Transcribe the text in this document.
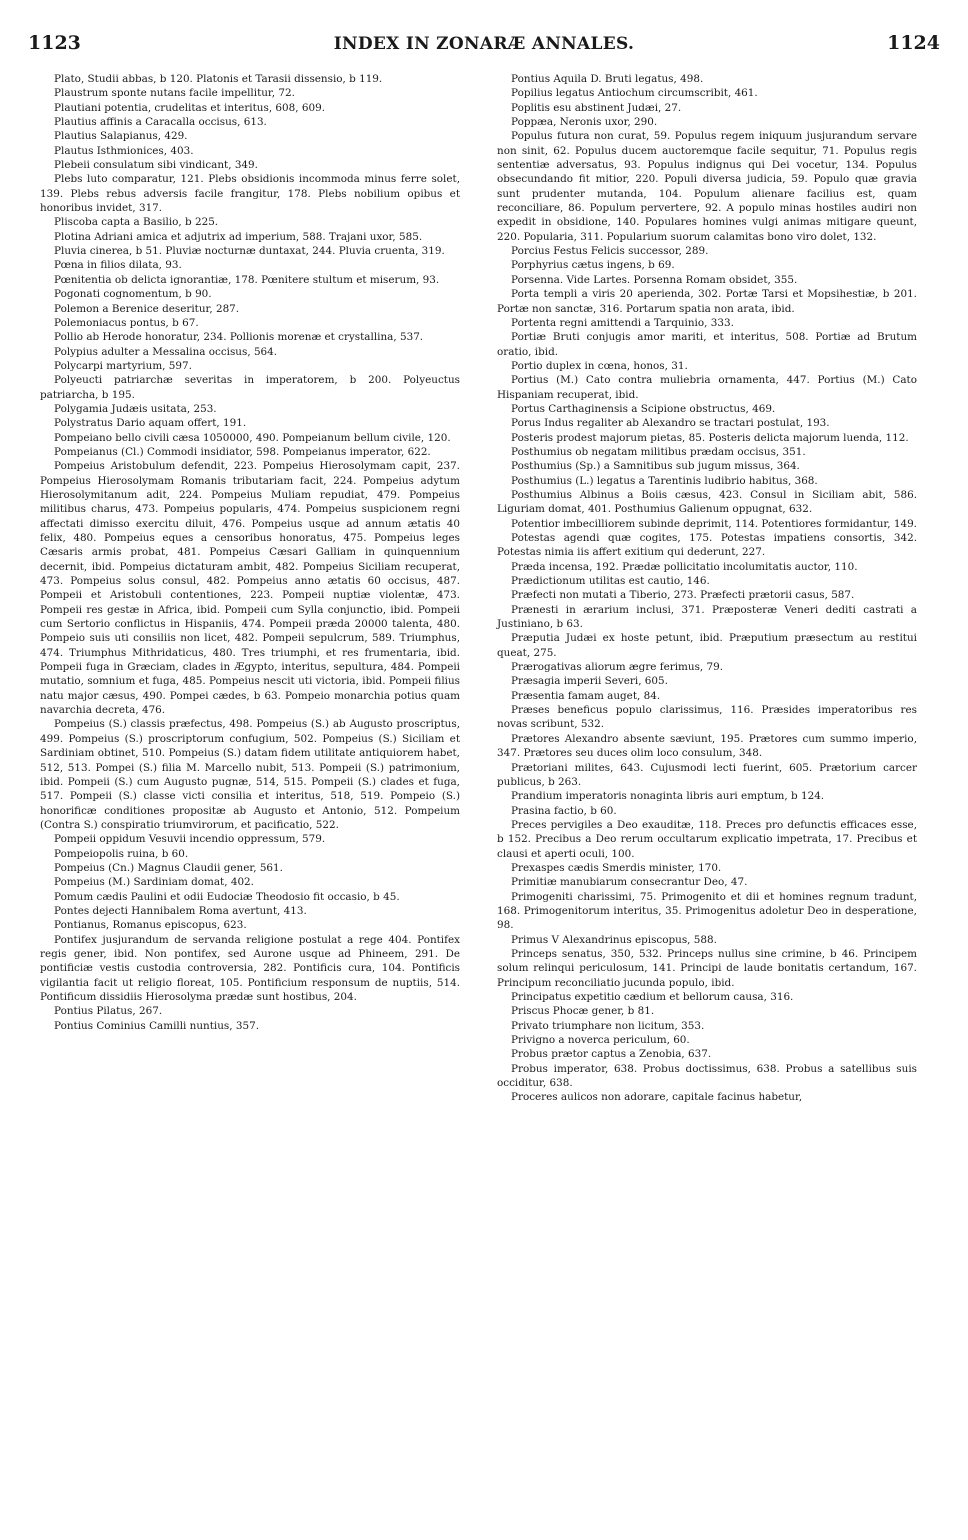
1123	INDEX IN ZONARÆ ANNALES.	1124

Plato, Studii abbas, b 120. Platonis et Tarasii dissensio, b 119.

Plaustrum sponte nutans facile impellitur, 72.

Plautiani potentia, crudelitas et interitus, 608, 609.

Plautius affinis a Caracalla occisus, 613.

Plautius Salapianus, 429.

Plautus Isthmionices, 403.

Plebeii consulatum sibi vindicant, 349.

Plebs luto comparatur, 121. Plebs obsidionis incommoda minus ferre solet, 139. Plebs rebus adversis facile frangitur, 178. Plebs nobilium opibus et honoribus invidet, 317.

Pliscoba capta a Basilio, b 225.

Plotina Adriani amica et adjutrix ad imperium, 588. Trajani uxor, 585.

Pluvia cinerea, b 51. Pluviæ nocturnæ duntaxat, 244. Pluvia cruenta, 319.

Pœna in filios dilata, 93.

Pœnitentia ob delicta ignorantiæ, 178. Pœnitere stultum et miserum, 93.

Pogonati cognomentum, b 90.

Polemon a Berenice deseritur, 287.

Polemoniacus pontus, b 67.

Pollio ab Herode honoratur, 234. Pollionis morenæ et crystallina, 537.

Polypius adulter a Messalina occisus, 564.

Polycarpi martyrium, 597.

Polyeucti patriarchæ severitas in imperatorem, b 200. Polyeuctus patriarcha, b 195.

Polygamia Judæis usitata, 253.

Polystratus Dario aquam offert, 191.

Pompeiano bello civili cæsa 1050000, 490. Pompeianum bellum civile, 120.

Pompeianus (Cl.) Commodi insidiator, 598. Pompeianus imperator, 622.

Pompeius Aristobulum defendit, 223. Pompeius Hierosolymam capit, 237. Pompeius Hierosolymam Romanis tributariam facit, 224. Pompeius adytum Hierosolymitanum adit, 224. Pompeius Muliam repudiat, 479. Pompeius militibus charus, 473. Pompeius popularis, 474. Pompeius suspicionem regni affectati dimisso exercitu diluit, 476. Pompeius usque ad annum ætatis 40 felix, 480. Pompeius eques a censoribus honoratus, 475. Pompeius leges Cæsaris armis probat, 481. Pompeius Cæsari Galliam in quinquennium decernit, ibid. Pompeius dictaturam ambit, 482. Pompeius Siciliam recuperat, 473. Pompeius solus consul, 482. Pompeius anno ætatis 60 occisus, 487. Pompeii et Aristobuli contentiones, 223. Pompeii nuptiæ violentæ, 473. Pompeii res gestæ in Africa, ibid. Pompeii cum Sylla conjunctio, ibid. Pompeii cum Sertorio conflictus in Hispaniis, 474. Pompeii præda 20000 talenta, 480. Pompeio suis uti consiliis non licet, 482. Pompeii sepulcrum, 589. Triumphus, 474. Triumphus Mithridaticus, 480. Tres triumphi, et res frumentaria, ibid. Pompeii fuga in Græciam, clades in Ægypto, interitus, sepultura, 484. Pompeii mutatio, somnium et fuga, 485. Pompeius nescit uti victoria, ibid. Pompeii filius natu major cæsus, 490. Pompei cædes, b 63. Pompeio monarchia potius quam navarchia decreta, 476.

Pompeius (S.) classis præfectus, 498. Pompeius (S.) ab Augusto proscriptus, 499. Pompeius (S.) proscriptorum confugium, 502. Pompeius (S.) Siciliam et Sardiniam obtinet, 510. Pompeius (S.) datam fidem utilitate antiquiorem habet, 512, 513. Pompei (S.) filia M. Marcello nubit, 513. Pompeii (S.) patrimonium, ibid. Pompeii (S.) cum Augusto pugnæ, 514, 515. Pompeii (S.) clades et fuga, 517. Pompeii (S.) classe victi consilia et interitus, 518, 519. Pompeio (S.) honorificæ conditiones propositæ ab Augusto et Antonio, 512. Pompeium (Contra S.) conspiratio triumvirorum, et pacificatio, 522.

Pompeii oppidum Vesuvii incendio oppressum, 579.

Pompeiopolis ruina, b 60.

Pompeius (Cn.) Magnus Claudii gener, 561.

Pompeius (M.) Sardiniam domat, 402.

Pomum cædis Paulini et odii Eudociæ Theodosio fit occasio, b 45.

Pontes dejecti Hannibalem Roma avertunt, 413.

Pontianus, Romanus episcopus, 623.

Pontifex jusjurandum de servanda religione postulat a rege 404. Pontifex regis gener, ibid. Non pontifex, sed Aurone usque ad Phineem, 291. De pontificiæ vestis custodia controversia, 282. Pontificis cura, 104. Pontificis vigilantia facit ut religio floreat, 105. Pontificium responsum de nuptiis, 514. Pontificum dissidiis Hierosolyma prædæ sunt hostibus, 204.

Pontius Pilatus, 267.

Pontius Cominius Camilli nuntius, 357.

Pontius Aquila D. Bruti legatus, 498.

Popilius legatus Antiochum circumscribit, 461.

Poplitis esu abstinent Judæi, 27.

Poppæa, Neronis uxor, 290.

Populus futura non curat, 59. Populus regem iniquum jusjurandum servare non sinit, 62. Populus ducem auctoremque facile sequitur, 71. Populus regis sententiæ adversatus, 93. Populus indignus qui Dei vocetur, 134. Populus obsecundando fit mitior, 220. Populi diversa judicia, 59. Populo quæ gravia sunt prudenter mutanda, 104. Populum alienare facilius est, quam reconciliare, 86. Populum pervertere, 92. A populo minas hostiles audiri non expedit in obsidione, 140. Populares homines vulgi animas mitigare queunt, 220. Popularia, 311. Popularium suorum calamitas bono viro dolet, 132.

Porcius Festus Felicis successor, 289.

Porphyrius cætus ingens, b 69.

Porsenna. Vide Lartes. Porsenna Romam obsidet, 355.

Porta templi a viris 20 aperienda, 302. Portæ Tarsi et Mopsihestiæ, b 201. Portæ non sanctæ, 316. Portarum spatia non arata, ibid.

Portenta regni amittendi a Tarquinio, 333.

Portiæ Bruti conjugis amor mariti, et interitus, 508. Portiæ ad Brutum oratio, ibid.

Portio duplex in cœna, honos, 31.

Portius (M.) Cato contra muliebria ornamenta, 447. Portius (M.) Cato Hispaniam recuperat, ibid.

Portus Carthaginensis a Scipione obstructus, 469.

Porus Indus regaliter ab Alexandro se tractari postulat, 193.

Posteris prodest majorum pietas, 85. Posteris delicta majorum luenda, 112.

Posthumius ob negatam militibus prædam occisus, 351.

Posthumius (Sp.) a Samnitibus sub jugum missus, 364.

Posthumius (L.) legatus a Tarentinis ludibrio habitus, 368.

Posthumius Albinus a Boiis cæsus, 423. Consul in Siciliam abit, 586. Liguriam domat, 401. Posthumius Galienum oppugnat, 632.

Potentior imbecilliorem subinde deprimit, 114. Potentiores formidantur, 149.

Potestas agendi quæ cogites, 175. Potestas impatiens consortis, 342. Potestas nimia iis affert exitium qui dederunt, 227.

Præda incensa, 192. Prædæ pollicitatio incolumitatis auctor, 110.

Prædictionum utilitas est cautio, 146.

Præfecti non mutati a Tiberio, 273. Præfecti prætorii casus, 587.

Prænesti in ærarium inclusi, 371. Præposteræ Veneri dediti castrati a Justiniano, b 63.

Præputia Judæi ex hoste petunt, ibid. Præputium præsectum au restitui queat, 275.

Prærogativas aliorum ægre ferimus, 79.

Præsagia imperii Severi, 605.

Præsentia famam auget, 84.

Præses beneficus populo clarissimus, 116. Præsides imperatoribus res novas scribunt, 532.

Prætores Alexandro absente sæviunt, 195. Prætores cum summo imperio, 347. Prætores seu duces olim loco consulum, 348.

Prætoriani milites, 643. Cujusmodi lecti fuerint, 605. Prætorium carcer publicus, b 263.

Prandium imperatoris nonaginta libris auri emptum, b 124.

Prasina factio, b 60.

Preces pervigiles a Deo exauditæ, 118. Preces pro defunctis efficaces esse, b 152. Precibus a Deo rerum occultarum explicatio impetrata, 17. Precibus et clausi et aperti oculi, 100.

Prexaspes cædis Smerdis minister, 170.

Primitiæ manubiarum consecrantur Deo, 47.

Primogeniti charissimi, 75. Primogenito et dii et homines regnum tradunt, 168. Primogenitorum interitus, 35. Primogenitus adoletur Deo in desperatione, 98.

Primus V Alexandrinus episcopus, 588.

Princeps senatus, 350, 532. Princeps nullus sine crimine, b 46. Principem solum relinqui periculosum, 141. Principi de laude bonitatis certandum, 167. Principum reconciliatio jucunda populo, ibid.

Principatus expetitio cædium et bellorum causa, 316.

Priscus Phocæ gener, b 81.

Privato triumphare non licitum, 353.

Privigno a noverca periculum, 60.

Probus prætor captus a Zenobia, 637.

Probus imperator, 638. Probus doctissimus, 638. Probus a satellibus suis occiditur, 638.

Proceres aulicos non adorare, capitale facinus habetur,
